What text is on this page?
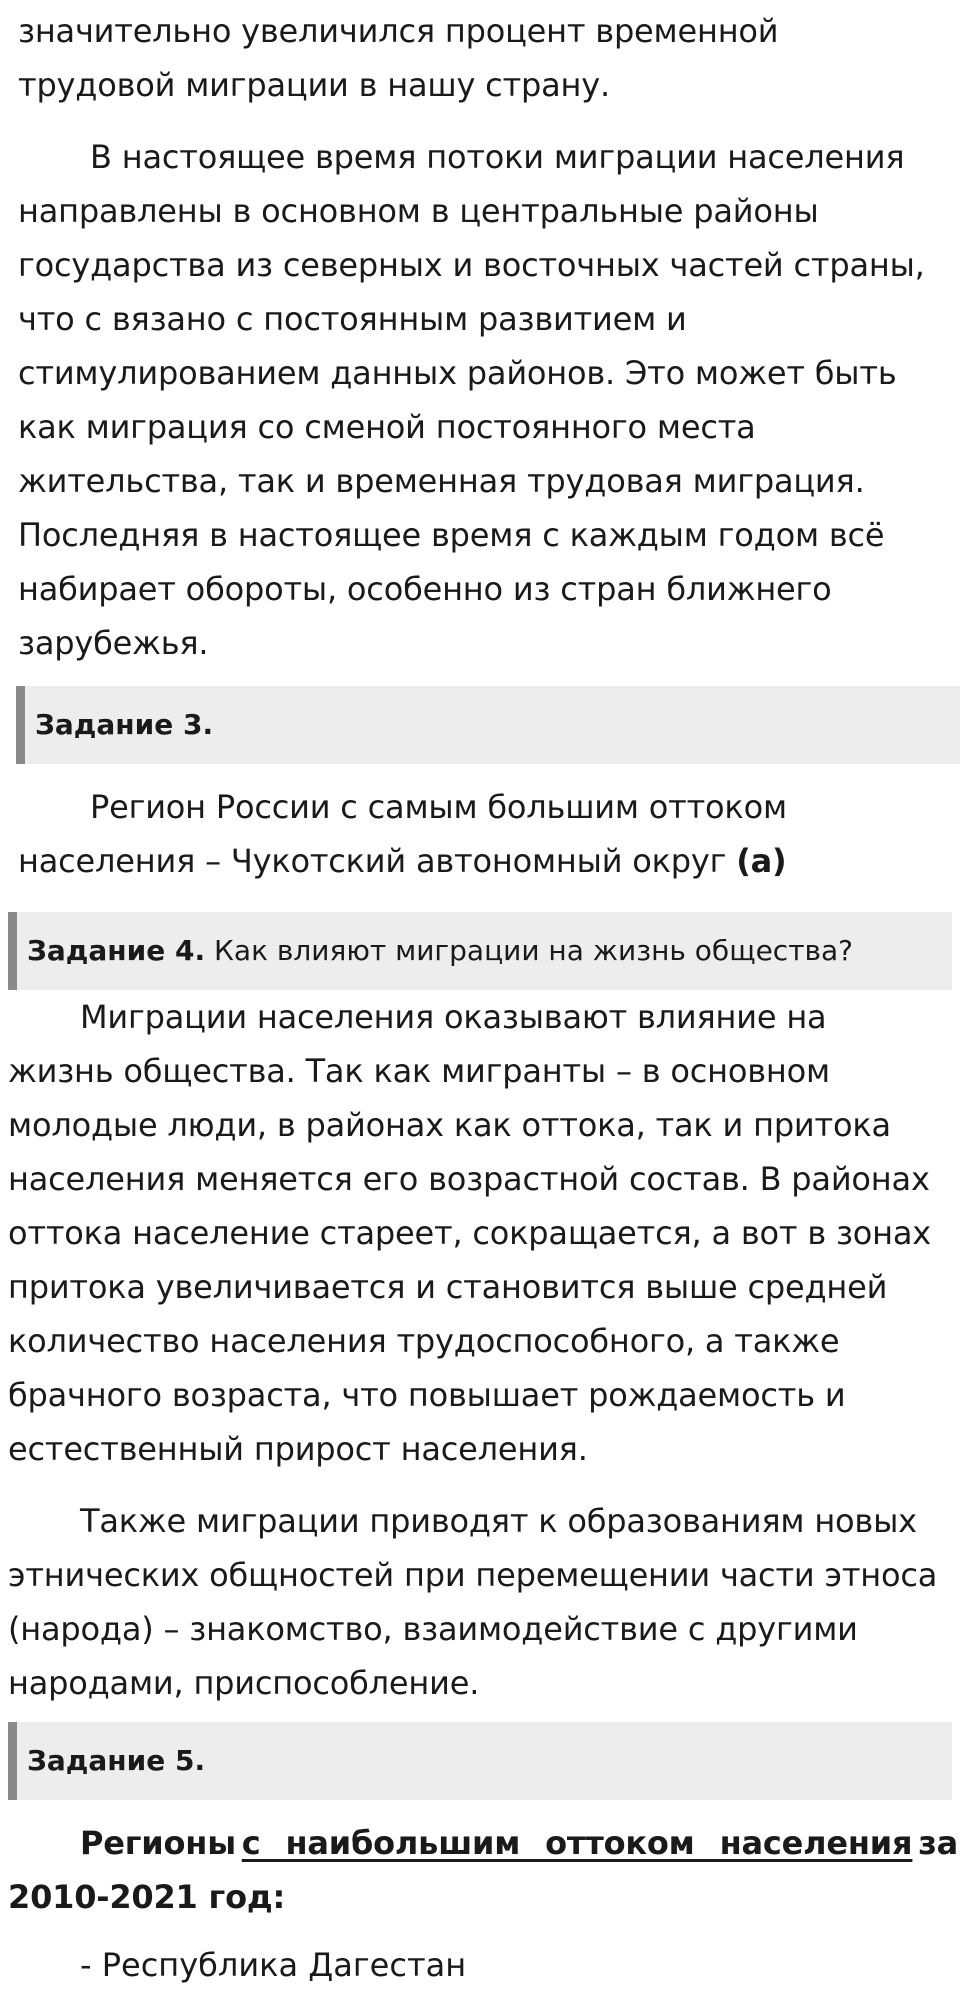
значительно увеличился процент временной
трудовой миграции в нашу страну.
В настоящее время потоки миграции населения
направлены в основном в центральные районы
государства из северных и восточных частей страны,
что с вязано с постоянным развитием и
стимулированием данных районов. Это может быть
как миграция со сменой постоянного места
жительства, так и временная трудовая миграция.
Последняя в настоящее время с каждым годом всё
набирает обороты, особенно из стран ближнего
зарубежья.
Задание 3.
Регион России с самым большим оттоком
населения – Чукотский автономный округ (а)
Задание 4. Как влияют миграции на жизнь общества?
Миграции населения оказывают влияние на
жизнь общества. Так как мигранты – в основном
молодые люди, в районах как оттока, так и притока
населения меняется его возрастной состав. В районах
оттока население стареет, сокращается, а вот в зонах
притока увеличивается и становится выше средней
количество населения трудоспособного, а также
брачного возраста, что повышает рождаемость и
естественный прирост населения.
Также миграции приводят к образованиям новых
этнических общностей при перемещении части этноса
(народа) – знакомство, взаимодействие с другими
народами, приспособление.
Задание 5.
Регионы с наибольшим оттоком населения за
2010-2021 год:
- Республика Дагестан
